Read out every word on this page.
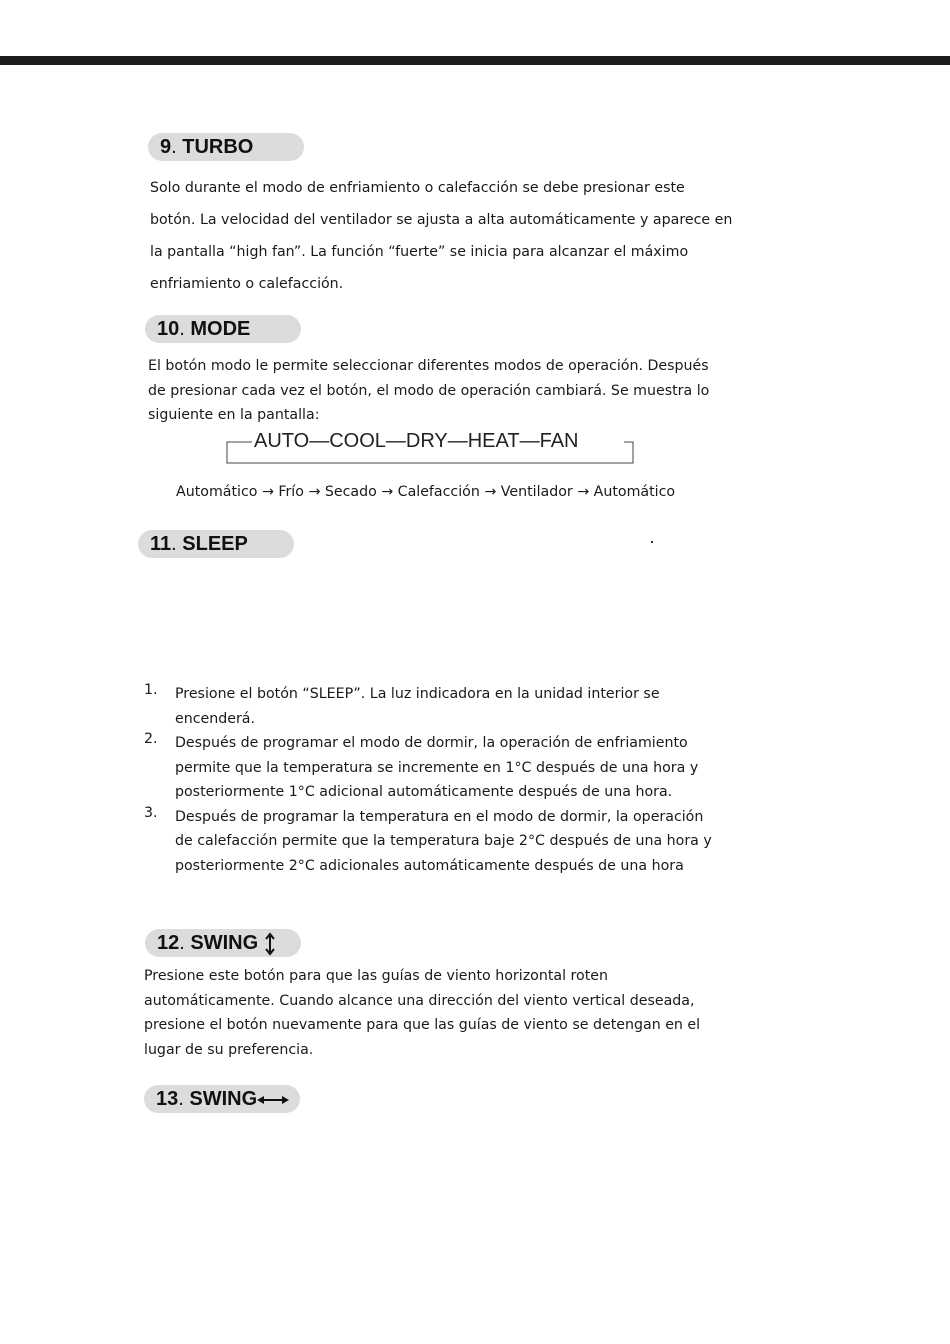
9. TURBO

Solo durante el modo de enfriamiento o calefacción se debe presionar este

botón. La velocidad del ventilador se ajusta a alta automáticamente y aparece en

la pantalla “high fan”. La función “fuerte” se inicia para alcanzar el máximo

enfriamiento o calefacción.

10. MODE

El botón modo le permite seleccionar diferentes modos de operación. Después

de presionar cada vez el botón, el modo de operación cambiará. Se muestra lo

siguiente en la pantalla:

AUTO—COOL—DRY—HEAT—FAN
Automático → Frío → Secado → Calefacción → Ventilador → Automático
11. SLEEP
1. Presione el botón “SLEEP”. La luz indicadora en la unidad interior se

encenderá.

2. Después de programar el modo de dormir, la operación de enfriamiento

permite que la temperatura se incremente en 1°C después de una hora y

posteriormente 1°C adicional automáticamente después de una hora.

3. Después de programar la temperatura en el modo de dormir, la operación

de calefacción permite que la temperatura baje 2°C después de una hora y

posteriormente 2°C adicionales automáticamente después de una hora

12. SWING

Presione este botón para que las guías de viento horizontal roten

automáticamente. Cuando alcance una dirección del viento vertical deseada,

presione el botón nuevamente para que las guías de viento se detengan en el

lugar de su preferencia.

13. SWING
